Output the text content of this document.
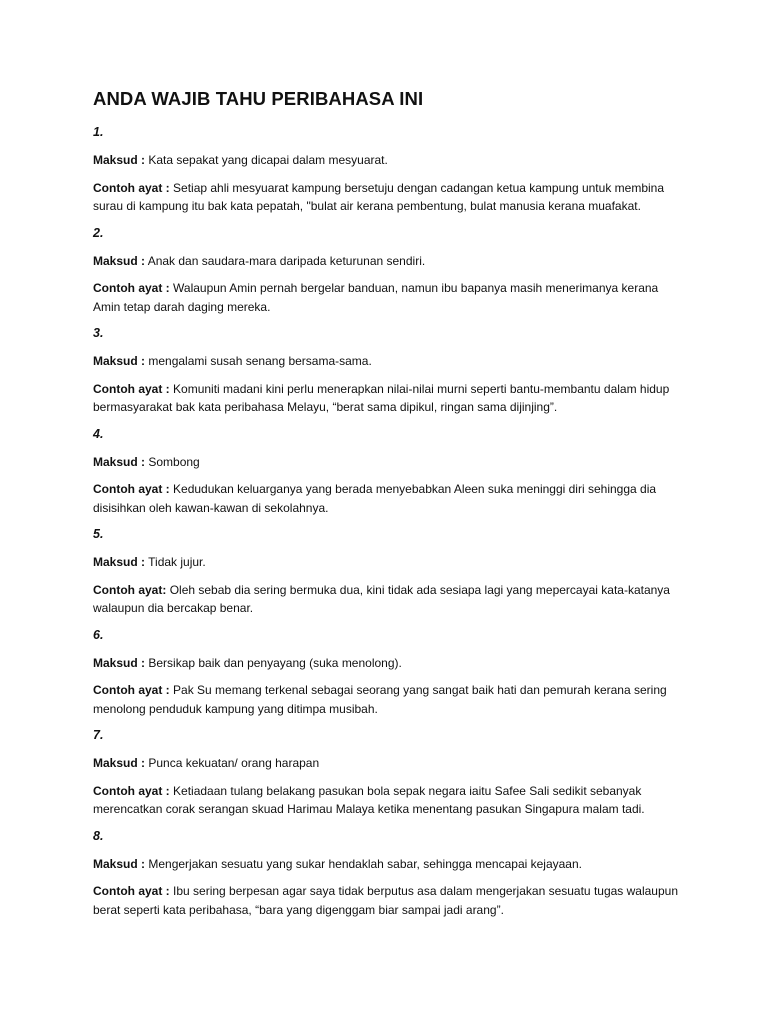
ANDA WAJIB TAHU PERIBAHASA INI
1.

Maksud : Kata sepakat yang dicapai dalam mesyuarat.

Contoh ayat : Setiap ahli mesyuarat kampung bersetuju dengan cadangan ketua kampung untuk membina surau di kampung itu bak kata pepatah, "bulat air kerana pembentung, bulat manusia kerana muafakat.

2.

Maksud : Anak dan saudara-mara daripada keturunan sendiri.

Contoh ayat : Walaupun Amin pernah bergelar banduan, namun ibu bapanya masih menerimanya kerana Amin tetap darah daging mereka.

3.

Maksud : mengalami susah senang bersama-sama.

Contoh ayat : Komuniti madani kini perlu menerapkan nilai-nilai murni seperti bantu-membantu dalam hidup bermasyarakat bak kata peribahasa Melayu, “berat sama dipikul, ringan sama dijinjing”.

4.

Maksud : Sombong

Contoh ayat : Kedudukan keluarganya yang berada menyebabkan Aleen suka meninggi diri sehingga dia disisihkan oleh kawan-kawan di sekolahnya.

5.

Maksud : Tidak jujur.

Contoh ayat: Oleh sebab dia sering bermuka dua, kini tidak ada sesiapa lagi yang mepercayai kata-katanya walaupun dia bercakap benar.

6.

Maksud : Bersikap baik dan penyayang (suka menolong).

Contoh ayat : Pak Su memang terkenal sebagai seorang yang sangat baik hati dan pemurah kerana sering menolong penduduk kampung yang ditimpa musibah.

7.

Maksud : Punca kekuatan/ orang harapan

Contoh ayat : Ketiadaan tulang belakang pasukan bola sepak negara iaitu Safee Sali sedikit sebanyak merencatkan corak serangan skuad Harimau Malaya ketika menentang pasukan Singapura malam tadi.

8.

Maksud : Mengerjakan sesuatu yang sukar hendaklah sabar, sehingga mencapai kejayaan.

Contoh ayat : Ibu sering berpesan agar saya tidak berputus asa dalam mengerjakan sesuatu tugas walaupun berat seperti kata peribahasa, “bara yang digenggam biar sampai jadi arang”.
